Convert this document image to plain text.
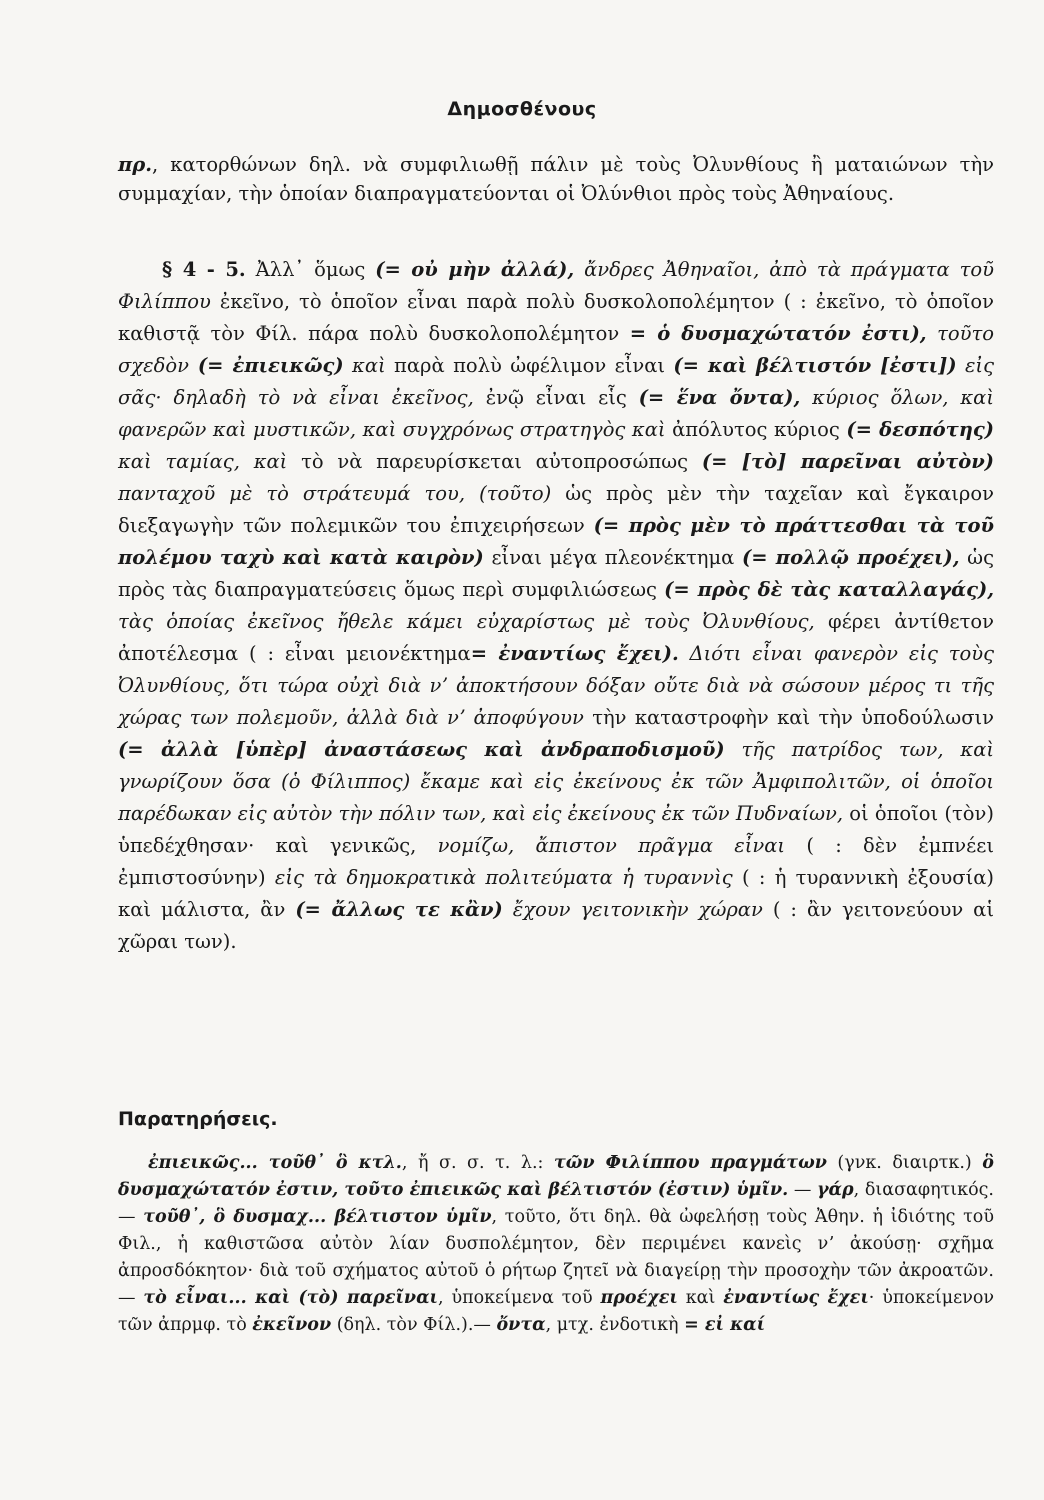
Δημοσθένους

πρ., κατορθώνων δηλ. νὰ συμφιλιωθῇ πάλιν μὲ τοὺς Ὀλυνθίους ἢ ματαιώνων τὴν συμμαχίαν, τὴν ὁποίαν διαπραγματεύονται οἱ Ὀλύνθιοι πρὸς τοὺς Ἀθηναίους.

§ 4 - 5. Ἀλλ᾽ ὅμως (= οὐ μὴν ἀλλά), ἄνδρες Ἀθηναῖοι, ἀπὸ τὰ πράγματα τοῦ Φιλίππου ἐκεῖνο, τὸ ὁποῖον εἶναι παρὰ πολὺ δυσκολοπολέμητον ( : ἐκεῖνο, τὸ ὁποῖον καθιστᾷ τὸν Φίλ. πάρα πολὺ δυσκολοπολέμητον = ὁ δυσμαχώτατόν ἐστι), τοῦτο σχεδὸν (= ἐπιεικῶς) καὶ παρὰ πολὺ ὠφέλιμον εἶναι (= καὶ βέλτιστόν [ἐστι]) εἰς σᾶς· δηλαδὴ τὸ νὰ εἶναι ἐκεῖνος, ἐνῷ εἶναι εἷς (= ἕνα ὄντα), κύριος ὅλων, καὶ φανερῶν καὶ μυστικῶν, καὶ συγχρόνως στρατηγὸς καὶ ἀπόλυτος κύριος (= δεσπότης) καὶ ταμίας, καὶ τὸ νὰ παρευρίσκεται αὐτοπροσώπως (= [τὸ] παρεῖναι αὐτὸν) πανταχοῦ μὲ τὸ στράτευμά του, (τοῦτο) ὡς πρὸς μὲν τὴν ταχεῖαν καὶ ἔγκαιρον διεξαγωγὴν τῶν πολεμικῶν του ἐπιχειρήσεων (= πρὸς μὲν τὸ πράττεσθαι τὰ τοῦ πολέμου ταχὺ καὶ κατὰ καιρὸν) εἶναι μέγα πλεονέκτημα (= πολλῷ προέχει), ὡς πρὸς τὰς διαπραγματεύσεις ὅμως περὶ συμφιλιώσεως (= πρὸς δὲ τὰς καταλλαγάς), τὰς ὁποίας ἐκεῖνος ἤθελε κάμει εὐχαρίστως μὲ τοὺς Ὀλυνθίους, φέρει ἀντίθετον ἀποτέλεσμα ( : εἶναι μειονέκτημα= ἐναντίως ἔχει). Διότι εἶναι φανερὸν εἰς τοὺς Ὀλυνθίους, ὅτι τώρα οὐχὶ διὰ νʼ ἀποκτήσουν δόξαν οὔτε διὰ νὰ σώσουν μέρος τι τῆς χώρας των πολεμοῦν, ἀλλὰ διὰ νʼ ἀποφύγουν τὴν καταστροφὴν καὶ τὴν ὑποδούλωσιν (= ἀλλὰ [ὑπὲρ] ἀναστάσεως καὶ ἀνδραποδισμοῦ) τῆς πατρίδος των, καὶ γνωρίζουν ὅσα (ὁ Φίλιππος) ἔκαμε καὶ εἰς ἐκείνους ἐκ τῶν Ἀμφιπολιτῶν, οἱ ὁποῖοι παρέδωκαν εἰς αὐτὸν τὴν πόλιν των, καὶ εἰς ἐκείνους ἐκ τῶν Πυδναίων, οἱ ὁποῖοι (τὸν) ὑπεδέχθησαν· καὶ γενικῶς, νομίζω, ἄπιστον πρᾶγμα εἶναι ( : δὲν ἐμπνέει ἐμπιστοσύνην) εἰς τὰ δημοκρατικὰ πολιτεύματα ἡ τυραννὶς ( : ἡ τυραννικὴ ἐξουσία) καὶ μάλιστα, ἂν (= ἄλλως τε κἂν) ἔχουν γειτονικὴν χώραν ( : ἂν γειτονεύουν αἱ χῶραι των).

Παρατηρήσεις.

ἐπιεικῶς... τοῦθ᾽ ὃ κτλ., ἤ σ. σ. τ. λ.: τῶν Φιλίππου πραγμάτων (γνκ. διαιρτκ.) ὃ δυσμαχώτατόν ἐστιν, τοῦτο ἐπιεικῶς καὶ βέλτιστόν (ἐστιν) ὑμῖν. — γάρ, διασαφητικός. — τοῦθ᾽, ὃ δυσμαχ... βέλτιστον ὑμῖν, τοῦτο, ὅτι δηλ. θὰ ὠφελήσῃ τοὺς Ἀθην. ἡ ἰδιότης τοῦ Φιλ., ἡ καθιστῶσα αὐτὸν λίαν δυσπολέμητον, δὲν περιμένει κανεὶς νʼ ἀκούσῃ· σχῆμα ἀπροσδόκητον· διὰ τοῦ σχήματος αὐτοῦ ὁ ρήτωρ ζητεῖ νὰ διαγείρῃ τὴν προσοχὴν τῶν ἀκροατῶν. — τὸ εἶναι... καὶ (τὸ) παρεῖναι, ὑποκείμενα τοῦ προέχει καὶ ἐναντίως ἔχει· ὑποκείμενον τῶν ἀπρμφ. τὸ ἐκεῖνον (δηλ. τὸν Φίλ.).— ὄντα, μτχ. ἐνδοτικὴ = εἰ καί
